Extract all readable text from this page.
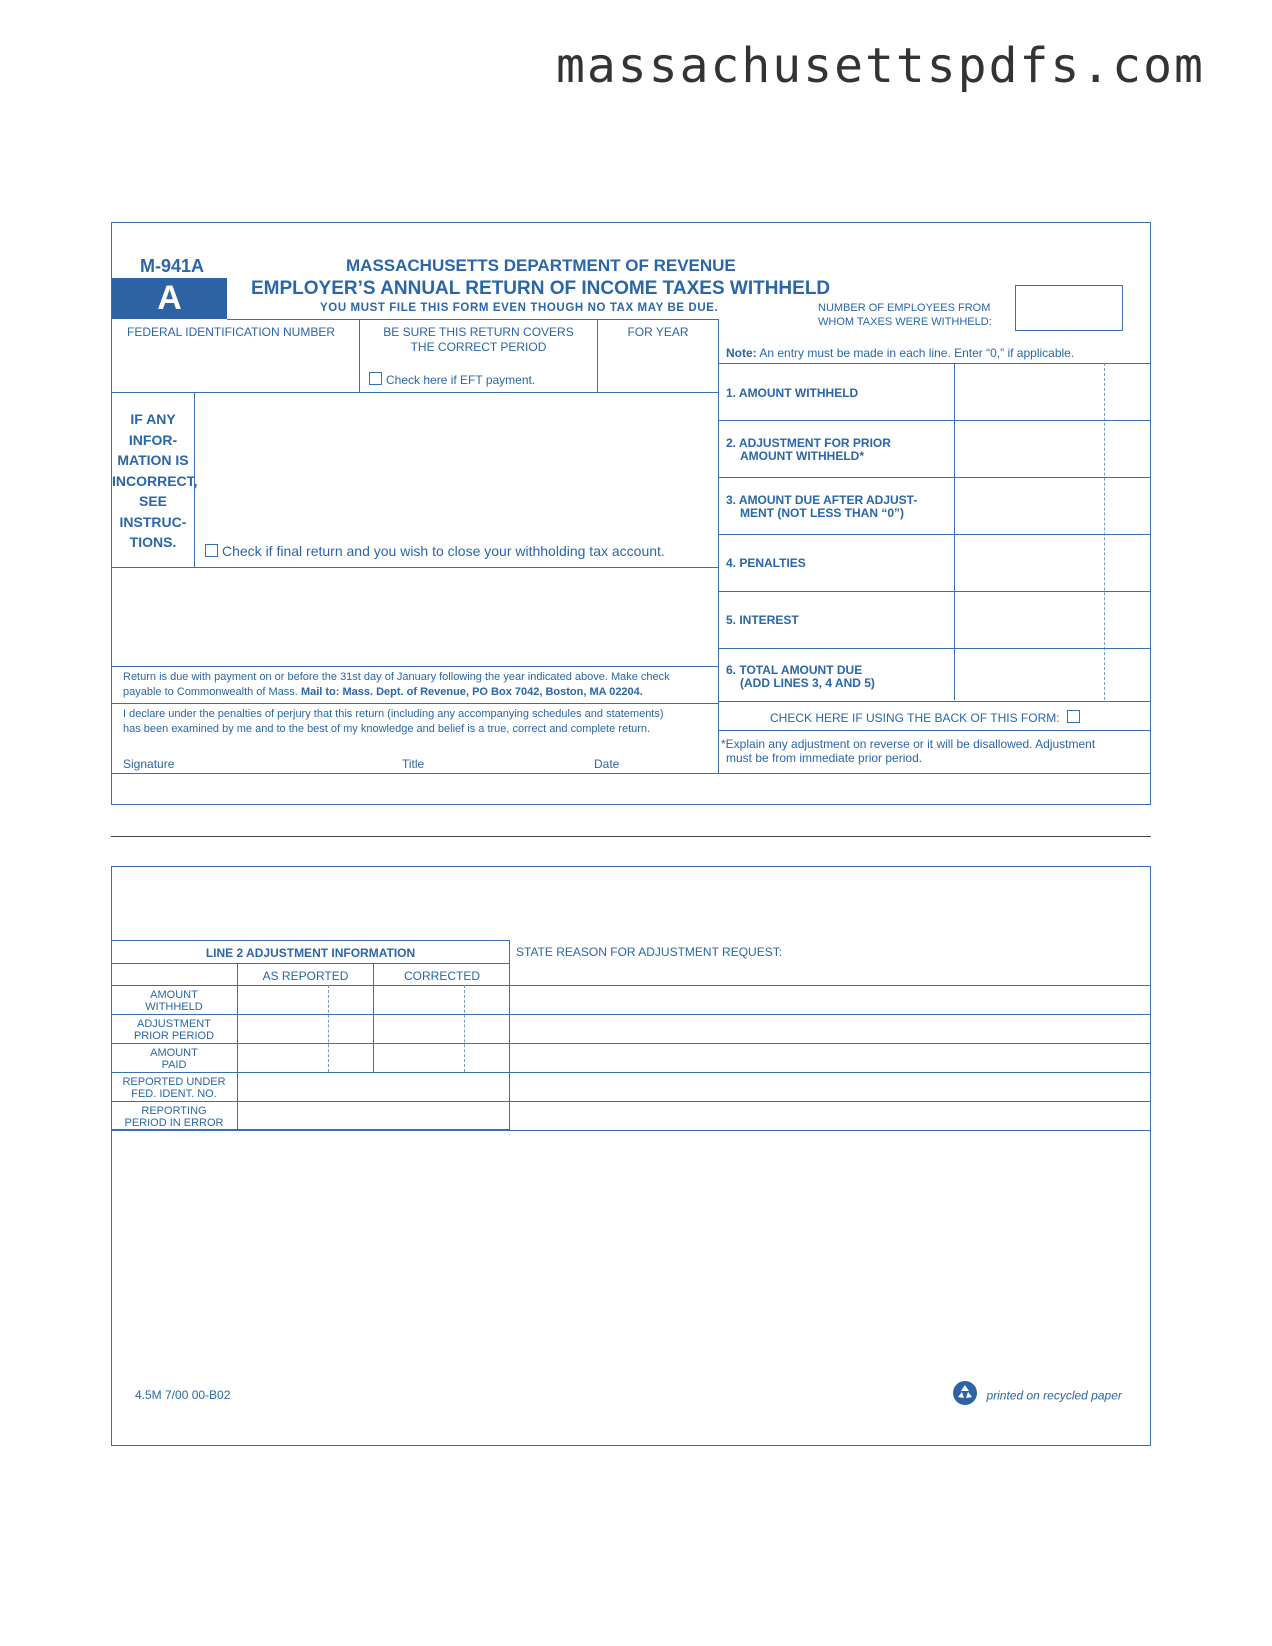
massachusettspdfs.com
M-941A
A
MASSACHUSETTS DEPARTMENT OF REVENUE
EMPLOYER’S ANNUAL RETURN OF INCOME TAXES WITHHELD
YOU MUST FILE THIS FORM EVEN THOUGH NO TAX MAY BE DUE.	NUMBER OF EMPLOYEES FROM
WHOM TAXES WERE WITHHELD:
FEDERAL IDENTIFICATION NUMBER	BE SURE THIS RETURN COVERS
THE CORRECT PERIOD
Check here if EFT payment.
FOR YEAR
Note: An entry must be made in each line. Enter “0,” if applicable.
1. AMOUNT WITHHELD
2. ADJUSTMENT FOR PRIOR
AMOUNT WITHHELD*
3. AMOUNT DUE AFTER ADJUST-
MENT (NOT LESS THAN “0”)
4. PENALTIES
5. INTEREST
6. TOTAL AMOUNT DUE
(ADD LINES 3, 4 AND 5)
IF ANY
INFOR-
MATION IS
INCORRECT,
SEE
INSTRUC-
TIONS.
Check if final return and you wish to close your withholding tax account.
Return is due with payment on or before the 31st day of January following the year indicated above. Make check
payable to Commonwealth of Mass. Mail to: Mass. Dept. of Revenue, PO Box 7042, Boston, MA 02204.
CHECK HERE IF USING THE BACK OF THIS FORM:
I declare under the penalties of perjury that this return (including any accompanying schedules and statements)
has been examined by me and to the best of my knowledge and belief is a true, correct and complete return.
*Explain any adjustment on reverse or it will be disallowed. Adjustment
must be from immediate prior period.
Signature	Title	Date
LINE 2 ADJUSTMENT INFORMATION
AS REPORTED	CORRECTED
STATE REASON FOR ADJUSTMENT REQUEST:
AMOUNT
WITHHELD
ADJUSTMENT
PRIOR PERIOD
AMOUNT
PAID
REPORTED UNDER
FED. IDENT. NO.
REPORTING
PERIOD IN ERROR
4.5M 7/00 00-B02	printed on recycled paper
